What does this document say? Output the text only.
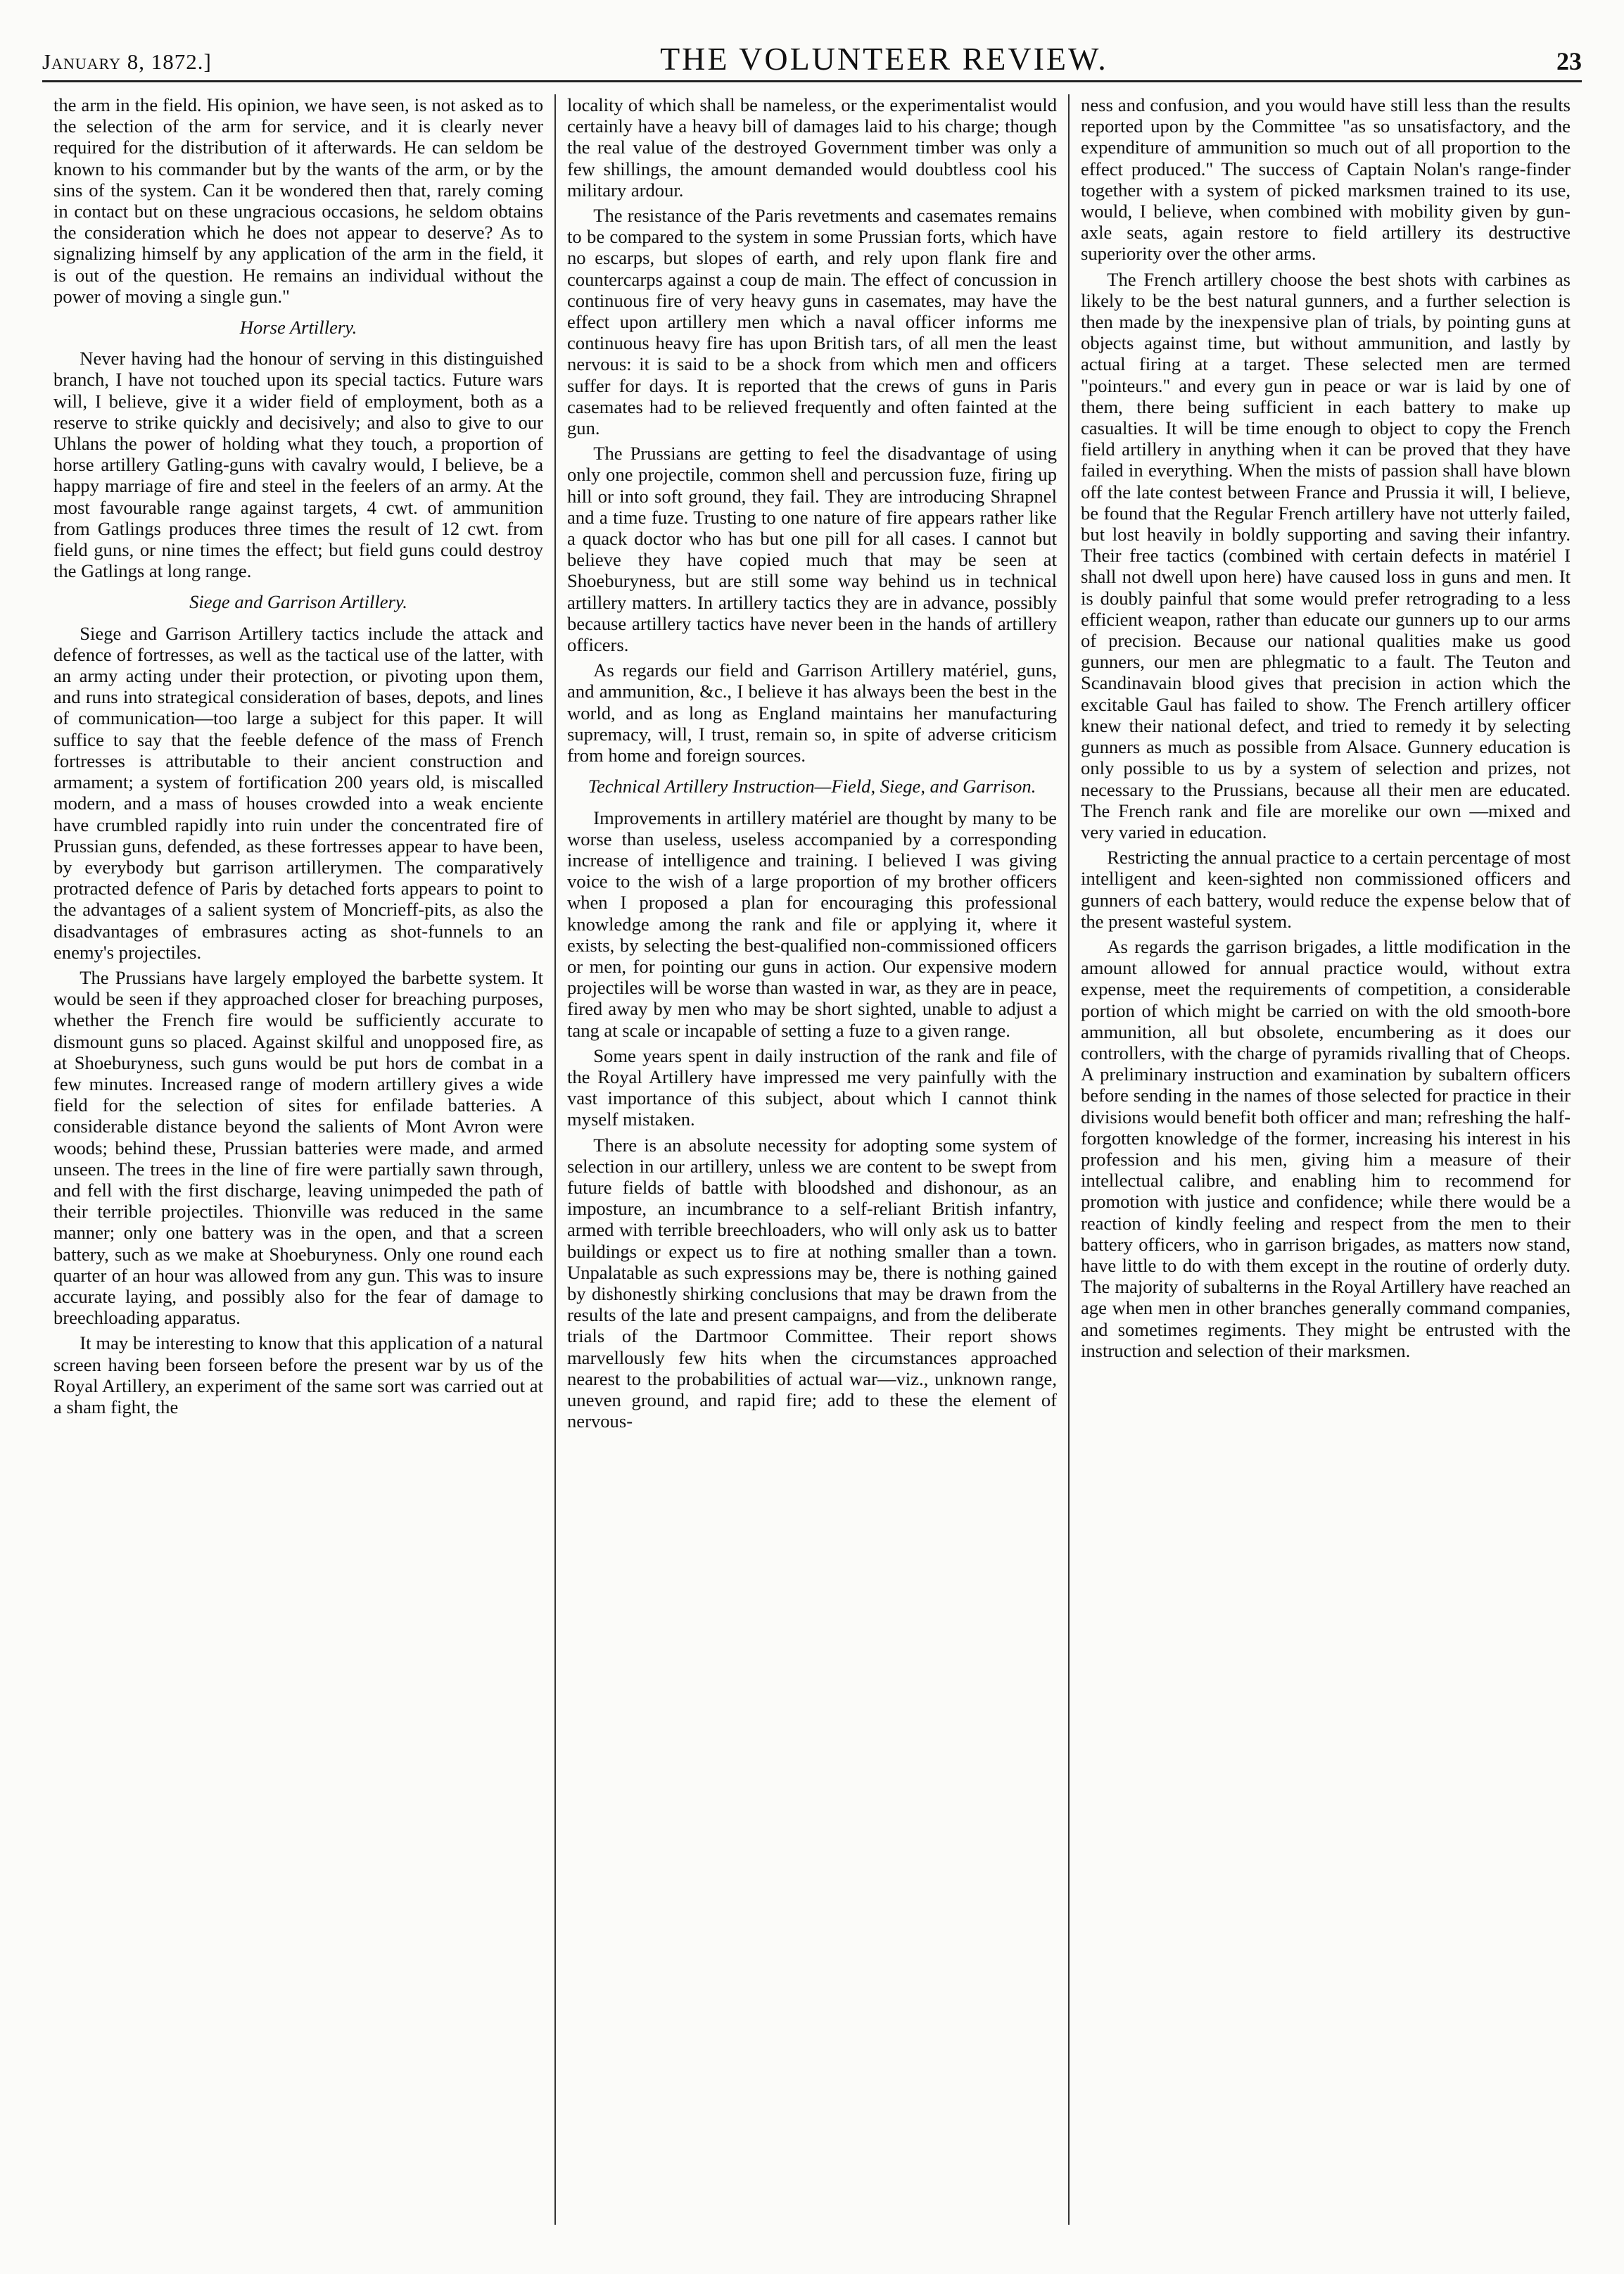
January 8, 1872.]	THE VOLUNTEER REVIEW.	23

the arm in the field. His opinion, we have seen, is not asked as to the selection of the arm for service, and it is clearly never required for the distribution of it afterwards. He can seldom be known to his commander but by the wants of the arm, or by the sins of the system. Can it be wondered then that, rarely coming in contact but on these ungracious occasions, he seldom obtains the consideration which he does not appear to deserve? As to signalizing himself by any application of the arm in the field, it is out of the question. He remains an individual without the power of moving a single gun."

Horse Artillery.

Never having had the honour of serving in this distinguished branch, I have not touched upon its special tactics. Future wars will, I believe, give it a wider field of employment, both as a reserve to strike quickly and decisively; and also to give to our Uhlans the power of holding what they touch, a proportion of horse artillery Gatling-guns with cavalry would, I believe, be a happy marriage of fire and steel in the feelers of an army. At the most favourable range against targets, 4 cwt. of ammunition from Gatlings produces three times the result of 12 cwt. from field guns, or nine times the effect; but field guns could destroy the Gatlings at long range.

Siege and Garrison Artillery.

Siege and Garrison Artillery tactics include the attack and defence of fortresses, as well as the tactical use of the latter, with an army acting under their protection, or pivoting upon them, and runs into strategical consideration of bases, depots, and lines of communication—too large a subject for this paper. It will suffice to say that the feeble defence of the mass of French fortresses is attributable to their ancient construction and armament; a system of fortification 200 years old, is miscalled modern, and a mass of houses crowded into a weak enciente have crumbled rapidly into ruin under the concentrated fire of Prussian guns, defended, as these fortresses appear to have been, by everybody but garrison artillerymen. The comparatively protracted defence of Paris by detached forts appears to point to the advantages of a salient system of Moncrieff-pits, as also the disadvantages of embrasures acting as shot-funnels to an enemy's projectiles.

The Prussians have largely employed the barbette system. It would be seen if they approached closer for breaching purposes, whether the French fire would be sufficiently accurate to dismount guns so placed. Against skilful and unopposed fire, as at Shoeburyness, such guns would be put hors de combat in a few minutes. Increased range of modern artillery gives a wide field for the selection of sites for enfilade batteries. A considerable distance beyond the salients of Mont Avron were woods; behind these, Prussian batteries were made, and armed unseen. The trees in the line of fire were partially sawn through, and fell with the first discharge, leaving unimpeded the path of their terrible projectiles. Thionville was reduced in the same manner; only one battery was in the open, and that a screen battery, such as we make at Shoeburyness. Only one round each quarter of an hour was allowed from any gun. This was to insure accurate laying, and possibly also for the fear of damage to breechloading apparatus.

It may be interesting to know that this application of a natural screen having been forseen before the present war by us of the Royal Artillery, an experiment of the same sort was carried out at a sham fight, the

locality of which shall be nameless, or the experimentalist would certainly have a heavy bill of damages laid to his charge; though the real value of the destroyed Government timber was only a few shillings, the amount demanded would doubtless cool his military ardour.

The resistance of the Paris revetments and casemates remains to be compared to the system in some Prussian forts, which have no escarps, but slopes of earth, and rely upon flank fire and countercarps against a coup de main. The effect of concussion in continuous fire of very heavy guns in casemates, may have the effect upon artillery men which a naval officer informs me continuous heavy fire has upon British tars, of all men the least nervous: it is said to be a shock from which men and officers suffer for days. It is reported that the crews of guns in Paris casemates had to be relieved frequently and often fainted at the gun.

The Prussians are getting to feel the disadvantage of using only one projectile, common shell and percussion fuze, firing up hill or into soft ground, they fail. They are introducing Shrapnel and a time fuze. Trusting to one nature of fire appears rather like a quack doctor who has but one pill for all cases. I cannot but believe they have copied much that may be seen at Shoeburyness, but are still some way behind us in technical artillery matters. In artillery tactics they are in advance, possibly because artillery tactics have never been in the hands of artillery officers.

As regards our field and Garrison Artillery matériel, guns, and ammunition, &c., I believe it has always been the best in the world, and as long as England maintains her manufacturing supremacy, will, I trust, remain so, in spite of adverse criticism from home and foreign sources.

Technical Artillery Instruction—Field, Siege, and Garrison.

Improvements in artillery matériel are thought by many to be worse than useless, useless accompanied by a corresponding increase of intelligence and training. I believed I was giving voice to the wish of a large proportion of my brother officers when I proposed a plan for encouraging this professional knowledge among the rank and file or applying it, where it exists, by selecting the best-qualified non-commissioned officers or men, for pointing our guns in action. Our expensive modern projectiles will be worse than wasted in war, as they are in peace, fired away by men who may be short sighted, unable to adjust a tang at scale or incapable of setting a fuze to a given range.

Some years spent in daily instruction of the rank and file of the Royal Artillery have impressed me very painfully with the vast importance of this subject, about which I cannot think myself mistaken.

There is an absolute necessity for adopting some system of selection in our artillery, unless we are content to be swept from future fields of battle with bloodshed and dishonour, as an imposture, an incumbrance to a self-reliant British infantry, armed with terrible breechloaders, who will only ask us to batter buildings or expect us to fire at nothing smaller than a town. Unpalatable as such expressions may be, there is nothing gained by dishonestly shirking conclusions that may be drawn from the results of the late and present campaigns, and from the deliberate trials of the Dartmoor Committee. Their report shows marvellously few hits when the circumstances approached nearest to the probabilities of actual war—viz., unknown range, uneven ground, and rapid fire; add to these the element of nervous-

ness and confusion, and you would have still less than the results reported upon by the Committee "as so unsatisfactory, and the expenditure of ammunition so much out of all proportion to the effect produced." The success of Captain Nolan's range-finder together with a system of picked marksmen trained to its use, would, I believe, when combined with mobility given by gun-axle seats, again restore to field artillery its destructive superiority over the other arms.

The French artillery choose the best shots with carbines as likely to be the best natural gunners, and a further selection is then made by the inexpensive plan of trials, by pointing guns at objects against time, but without ammunition, and lastly by actual firing at a target. These selected men are termed "pointeurs." and every gun in peace or war is laid by one of them, there being sufficient in each battery to make up casualties. It will be time enough to object to copy the French field artillery in anything when it can be proved that they have failed in everything. When the mists of passion shall have blown off the late contest between France and Prussia it will, I believe, be found that the Regular French artillery have not utterly failed, but lost heavily in boldly supporting and saving their infantry. Their free tactics (combined with certain defects in matériel I shall not dwell upon here) have caused loss in guns and men. It is doubly painful that some would prefer retrograding to a less efficient weapon, rather than educate our gunners up to our arms of precision. Because our national qualities make us good gunners, our men are phlegmatic to a fault. The Teuton and Scandinavain blood gives that precision in action which the excitable Gaul has failed to show. The French artillery officer knew their national defect, and tried to remedy it by selecting gunners as much as possible from Alsace. Gunnery education is only possible to us by a system of selection and prizes, not necessary to the Prussians, because all their men are educated. The French rank and file are morelike our own —mixed and very varied in education.

Restricting the annual practice to a certain percentage of most intelligent and keen-sighted non commissioned officers and gunners of each battery, would reduce the expense below that of the present wasteful system.

As regards the garrison brigades, a little modification in the amount allowed for annual practice would, without extra expense, meet the requirements of competition, a considerable portion of which might be carried on with the old smooth-bore ammunition, all but obsolete, encumbering as it does our controllers, with the charge of pyramids rivalling that of Cheops. A preliminary instruction and examination by subaltern officers before sending in the names of those selected for practice in their divisions would benefit both officer and man; refreshing the half-forgotten knowledge of the former, increasing his interest in his profession and his men, giving him a measure of their intellectual calibre, and enabling him to recommend for promotion with justice and confidence; while there would be a reaction of kindly feeling and respect from the men to their battery officers, who in garrison brigades, as matters now stand, have little to do with them except in the routine of orderly duty. The majority of subalterns in the Royal Artillery have reached an age when men in other branches generally command companies, and sometimes regiments. They might be entrusted with the instruction and selection of their marksmen.
